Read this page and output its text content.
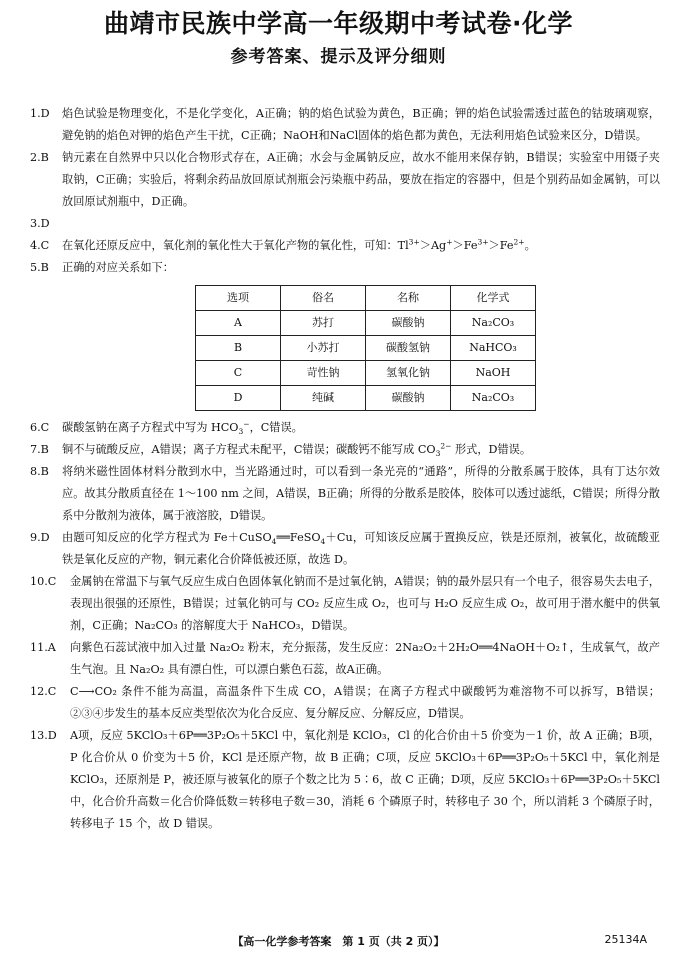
曲靖市民族中学高一年级期中考试卷·化学
参考答案、提示及评分细则
1.D	焰色试验是物理变化，不是化学变化，A正确；钠的焰色试验为黄色，B正确；钾的焰色试验需透过蓝色的钴玻璃观察，避免钠的焰色对钾的焰色产生干扰，C正确；NaOH和NaCl固体的焰色都为黄色，无法利用焰色试验来区分，D错误。
2.B	钠元素在自然界中只以化合物形式存在，A正确；水会与金属钠反应，故水不能用来保存钠，B错误；实验室中用镊子夹取钠，C正确；实验后，将剩余药品放回原试剂瓶会污染瓶中药品，要放在指定的容器中，但是个别药品如金属钠，可以放回原试剂瓶中，D正确。
3.D
4.C	在氧化还原反应中，氧化剂的氧化性大于氧化产物的氧化性，可知：$Tl^{3+}>Ag^+>Fe^{3+}>Fe^{2+}$。
5.B	正确的对应关系如下：
选项	俗名	名称	化学式
A	苏打	碳酸钠	Na₂CO₃
B	小苏打	碳酸氢钠	NaHCO₃
C	苛性钠	氢氧化钠	NaOH
D	纯碱	碳酸钠	Na₂CO₃
6.C	碳酸氢钠在离子方程式中写为 $HCO_3^-$，C错误。
7.B	铜不与硫酸反应，A错误；离子方程式未配平，C错误；碳酸钙不能写成 $CO_3^{2-}$ 形式，D错误。
8.B	将纳米磁性固体材料分散到水中，当光路通过时，可以看到一条光亮的“通路”，所得的分散系属于胶体，具有丁达尔效应。故其分散质直径在 1～100 nm 之间，A错误，B正确；所得的分散系是胶体，胶体可以透过滤纸，C错误；所得分散系中分散剂为液体，属于液溶胶，D错误。
9.D	由题可知反应的化学方程式为 Fe＋CuSO$_4$══FeSO$_4$＋Cu，可知该反应属于置换反应，铁是还原剂，被氧化，故硫酸亚铁是氧化反应的产物，铜元素化合价降低被还原，故选 D。
10.C	金属钠在常温下与氧气反应生成白色固体氧化钠而不是过氧化钠，A错误；钠的最外层只有一个电子，很容易失去电子，表现出很强的还原性，B错误；过氧化钠可与 CO₂ 反应生成 O₂，也可与 H₂O 反应生成 O₂，故可用于潜水艇中的供氧剂，C正确；Na₂CO₃ 的溶解度大于 NaHCO₃，D错误。
11.A	向紫色石蕊试液中加入过量 Na₂O₂ 粉末，充分振荡，发生反应：2Na₂O₂＋2H₂O══4NaOH＋O₂↑，生成氧气，故产生气泡。且 Na₂O₂ 具有漂白性，可以漂白紫色石蕊，故A正确。
12.C	C⟶CO₂ 条件不能为高温，高温条件下生成 CO，A错误；在离子方程式中碳酸钙为难溶物不可以拆写，B错误；②③④步发生的基本反应类型依次为化合反应、复分解反应、分解反应，D错误。
13.D	A项，反应 5KClO₃＋6P══3P₂O₅＋5KCl 中，氧化剂是 KClO₃，Cl 的化合价由＋5 价变为－1 价，故 A 正确；B项，P 化合价从 0 价变为＋5 价，KCl 是还原产物，故 B 正确；C项，反应 5KClO₃＋6P══3P₂O₅＋5KCl 中，氧化剂是 KClO₃，还原剂是 P，被还原与被氧化的原子个数之比为 5∶6，故 C 正确；D项，反应 5KClO₃＋6P══3P₂O₅＋5KCl 中，化合价升高数＝化合价降低数＝转移电子数＝30，消耗 6 个磷原子时，转移电子 30 个，所以消耗 3 个磷原子时，转移电子 15 个，故 D 错误。
【高一化学参考答案　第 1 页（共 2 页）】	25134A
